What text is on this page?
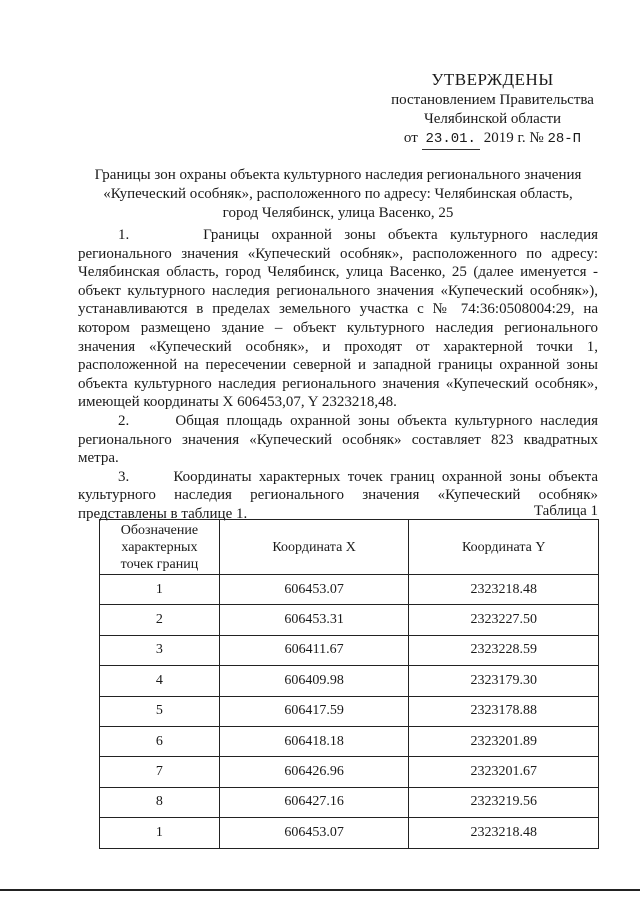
УТВЕРЖДЕНЫ
постановлением Правительства
Челябинской области
от 23.01. 2019 г. № 28-П
Границы зон охраны объекта культурного наследия регионального значения
«Купеческий особняк», расположенного по адресу: Челябинская область,
город Челябинск, улица Васенко, 25

1.      Границы охранной зоны объекта культурного наследия регионального значения «Купеческий особняк», расположенного по адресу: Челябинская область, город Челябинск, улица Васенко, 25 (далее именуется - объект культурного наследия регионального значения «Купеческий особняк»), устанавливаются в пределах земельного участка с № 74:36:0508004:29, на котором размещено здание – объект культурного наследия регионального значения «Купеческий особняк», и проходят от характерной точки 1, расположенной на пересечении северной и западной границы охранной зоны объекта культурного наследия регионального значения «Купеческий особняк», имеющей координаты X 606453,07, Y 2323218,48.

2.      Общая площадь охранной зоны объекта культурного наследия регионального значения «Купеческий особняк» составляет 823 квадратных метра.

3.      Координаты характерных точек границ охранной зоны объекта культурного наследия регионального значения «Купеческий особняк» представлены в таблице 1.	Таблица 1
Обозначение
характерных
точек границ	Координата X	Координата Y
1	606453.07	2323218.48
2	606453.31	2323227.50
3	606411.67	2323228.59
4	606409.98	2323179.30
5	606417.59	2323178.88
6	606418.18	2323201.89
7	606426.96	2323201.67
8	606427.16	2323219.56
1	606453.07	2323218.48
